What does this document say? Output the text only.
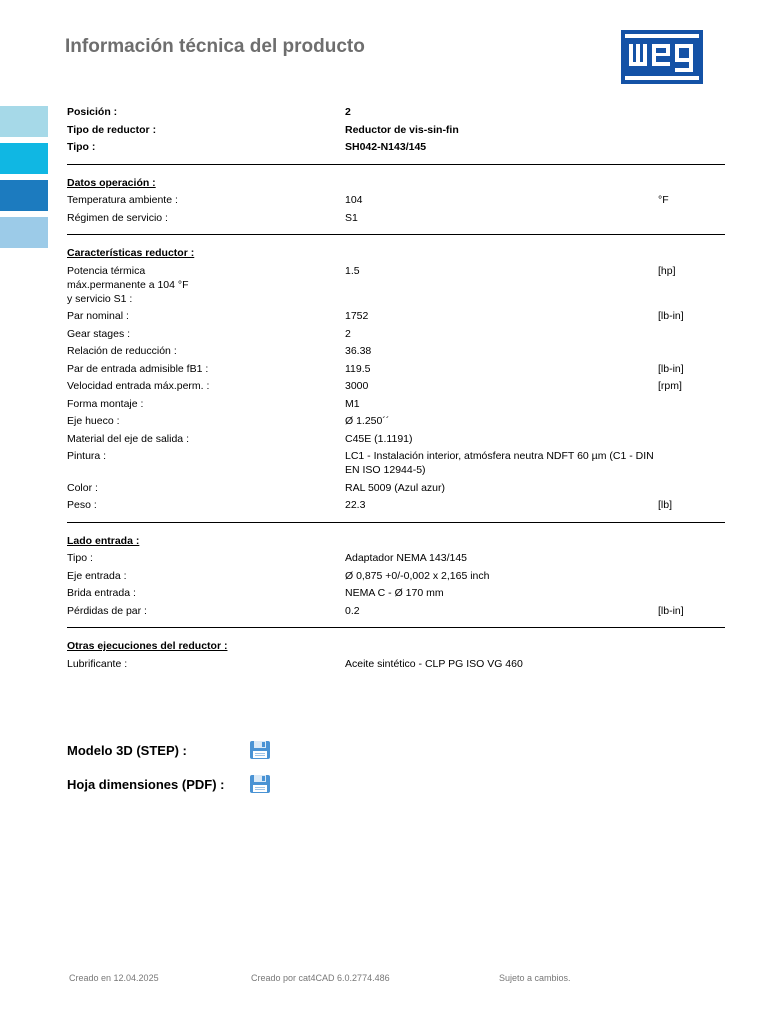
Información técnica del producto
Posición :	2
Tipo de reductor :	Reductor de vis-sin-fin
Tipo :	SH042-N143/145
Datos operación :
Temperatura ambiente :	104	°F
Régimen de servicio :	S1
Características reductor :
Potencia térmica
máx.permanente a 104 °F
y servicio S1 :
1.5	[hp]
Par nominal :	1752	[lb-in]
Gear stages :	2
Relación de reducción :	36.38
Par de entrada admisible fB1 :	119.5	[lb-in]
Velocidad entrada máx.perm. :	3000	[rpm]
Forma montaje :	M1
Eje hueco :	Ø 1.250´´
Material del eje de salida :	C45E (1.1191)
Pintura :	LC1 - Instalación interior, atmósfera neutra NDFT 60 µm (C1 - DIN EN ISO 12944-5)
Color :	RAL 5009 (Azul azur)
Peso :	22.3	[lb]
Lado entrada :
Tipo :	Adaptador NEMA 143/145
Eje entrada :	Ø 0,875 +0/-0,002 x 2,165 inch
Brida entrada :	NEMA C - Ø 170 mm
Pérdidas de par :	0.2	[lb-in]
Otras ejecuciones del reductor :
Lubrificante :	Aceite sintético - CLP PG ISO VG 460
Modelo 3D (STEP) :
Hoja dimensiones (PDF) :
Creado en 12.04.2025	Creado por cat4CAD 6.0.2774.486	Sujeto a cambios.
